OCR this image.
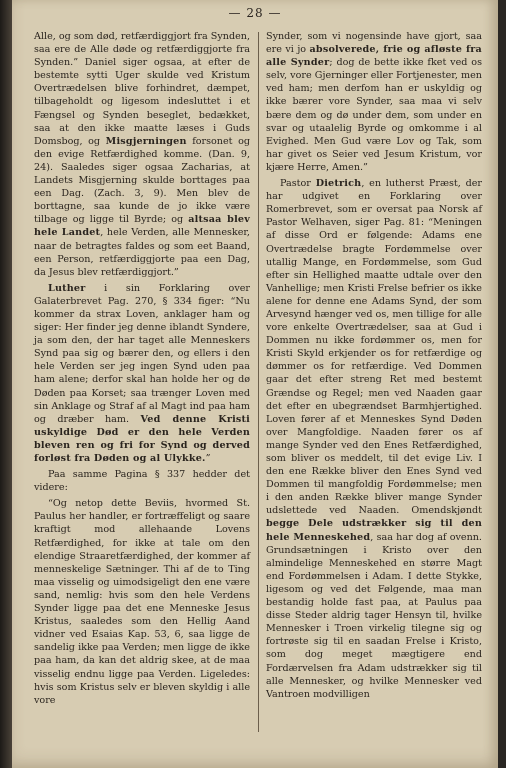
— 28 —

Alle, og som død, retfærdiggjort fra Synden, saa ere de Alle døde og retfærdiggjorte fra Synden.” Daniel siger ogsaa, at efter de bestemte sytti Uger skulde ved Kristum Overtrædelsen blive forhindret, dæmpet, tilbageholdt og ligesom indesluttet i et Fængsel og Synden beseglet, bedækket, saa at den ikke maatte læses i Guds Domsbog, og Misgjerningen forsonet og den evige Retfærdighed komme. (Dan. 9, 24). Saaledes siger ogsaa Zacharias, at Landets Misgjerning skulde borttages paa een Dag. (Zach. 3, 9). Men blev de borttagne, saa kunde de jo ikke være tilbage og ligge til Byrde; og altsaa blev hele Landet, hele Verden, alle Mennesker, naar de betragtes faldes og som eet Baand, een Person, retfærdiggjorte paa een Dag, da Jesus blev retfærdiggjort.”

Luther i sin Forklaring over Galaterbrevet Pag. 270, § 334 figer: “Nu kommer da strax Loven, anklager ham og siger: Her finder jeg denne iblandt Syndere, ja som den, der har taget alle Menneskers Synd paa sig og bærer den, og ellers i den hele Verden ser jeg ingen Synd uden paa ham alene; derfor skal han holde her og dø Døden paa Korset; saa trænger Loven med sin Anklage og Straf af al Magt ind paa ham og dræber ham. Ved denne Kristi uskyldige Død er den hele Verden bleven ren og fri for Synd og derved forløst fra Døden og al Ulykke.”

Paa samme Pagina § 337 hedder det videre:

“Og netop dette Beviis, hvormed St. Paulus her handler, er fortræffeligt og saare kraftigt mod allehaande Lovens Retfærdighed, for ikke at tale om den elendige Straaretfærdighed, der kommer af menneskelige Sætninger. Thi af de to Ting maa visselig og uimodsigeligt den ene være sand, nemlig: hvis som den hele Verdens Synder ligge paa det ene Menneske Jesus Kristus, saaledes som den Hellig Aand vidner ved Esaias Kap. 53, 6, saa ligge de sandelig ikke paa Verden; men ligge de ikke paa ham, da kan det aldrig skee, at de maa visselig endnu ligge paa Verden. Ligeledes: hvis som Kristus selv er bleven skyldig i alle vore

Synder, som vi nogensinde have gjort, saa ere vi jo absolverede, frie og afløste fra alle Synder; dog de bette ikke fket ved os selv, vore Gjerninger eller Fortjenester, men ved ham; men derfom han er uskyldig og ikke bærer vore Synder, saa maa vi selv bære dem og dø under dem, som under en svar og utaalelig Byrde og omkomme i al Evighed. Men Gud være Lov og Tak, som har givet os Seier ved Jesum Kristum, vor kjære Herre, Amen.”

Pastor Dietrich, en lutherst Præst, der har udgivet en Forklaring over Romerbrevet, som er oversat paa Norsk af Pastor Welhaven, siger Pag. 81: “Meningen af disse Ord er følgende: Adams ene Overtrædelse bragte Fordømmelse over utallig Mange, en Fordømmelse, som Gud efter sin Hellighed maatte udtale over den Vanhellige; men Kristi Frelse befrier os ikke alene for denne ene Adams Synd, der som Arvesynd hænger ved os, men tillige for alle vore enkelte Overtrædelser, saa at Gud i Dommen nu ikke fordømmer os, men for Kristi Skyld erkjender os for retfærdige og dømmer os for retfærdige. Ved Dommen gaar det efter streng Ret med bestemt Grændse og Regel; men ved Naaden gaar det efter en ubegrændset Barmhjertighed. Loven fører af et Menneskes Synd Døden over Mangfoldige. Naaden fører os af mange Synder ved den Enes Retfærdighed, som bliver os meddelt, til det evige Liv. I den ene Række bliver den Enes Synd ved Dommen til mangfoldig Fordømmelse; men i den anden Række bliver mange Synder udslettede ved Naaden. Omendskjøndt begge Dele udstrækker sig til den hele Menneskehed, saa har dog af ovenn. Grundsætningen i Kristo over den almindelige Menneskehed en større Magt end Fordømmelsen i Adam. I dette Stykke, ligesom og ved det Følgende, maa man bestandig holde fast paa, at Paulus paa disse Steder aldrig tager Hensyn til, hvilke Mennesker i Troen virkelig tilegne sig og fortrøste sig til en saadan Frelse i Kristo, som dog meget mægtigere end Fordærvelsen fra Adam udstrækker sig til alle Mennesker, og hvilke Mennesker ved Vantroen modvilligen
